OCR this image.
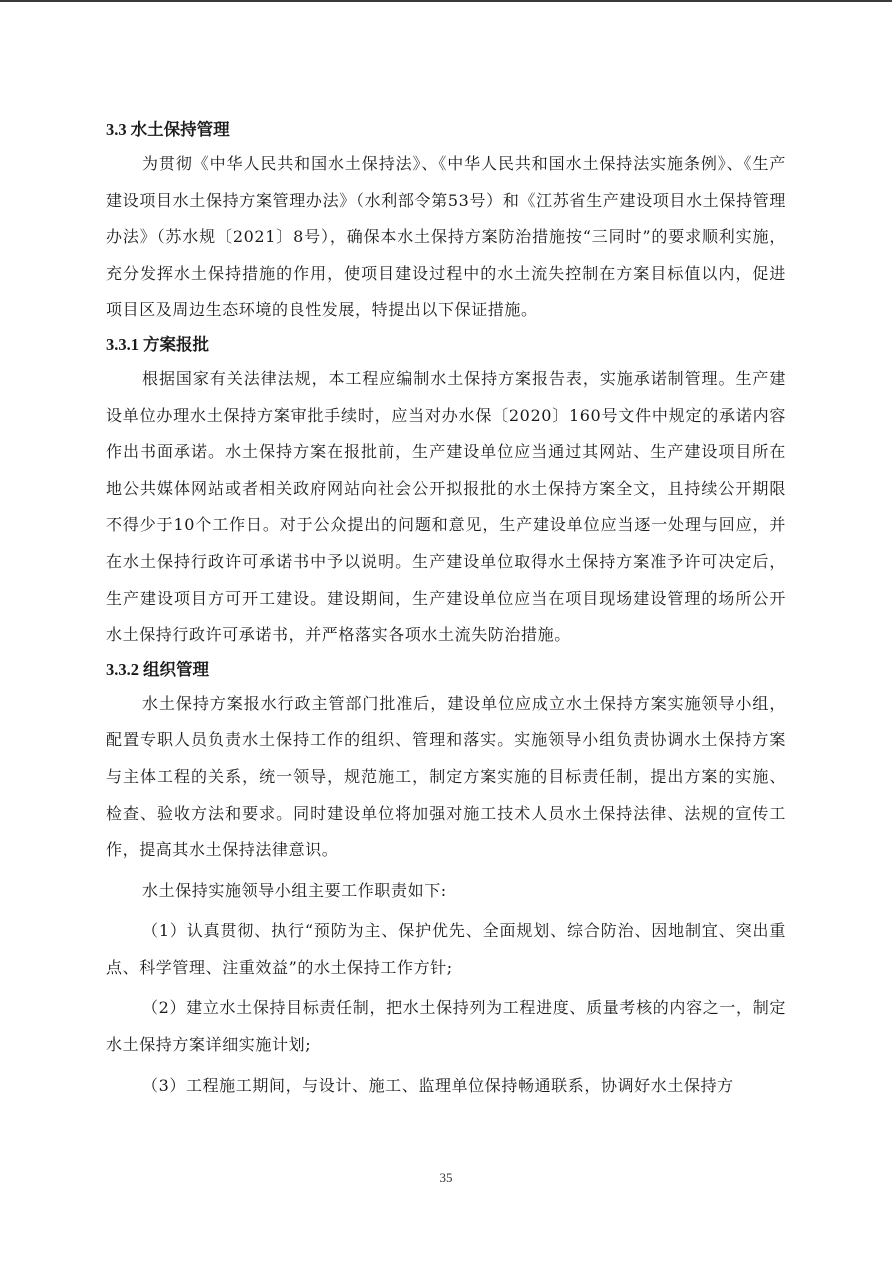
3.3 水土保持管理

为贯彻《中华人民共和国水土保持法》、《中华人民共和国水土保持法实施条例》、《生产建设项目水土保持方案管理办法》（水利部令第53号）和《江苏省生产建设项目水土保持管理办法》（苏水规〔2021〕8号），确保本水土保持方案防治措施按“三同时”的要求顺利实施，充分发挥水土保持措施的作用，使项目建设过程中的水土流失控制在方案目标值以内，促进项目区及周边生态环境的良性发展，特提出以下保证措施。

3.3.1 方案报批

根据国家有关法律法规，本工程应编制水土保持方案报告表，实施承诺制管理。生产建设单位办理水土保持方案审批手续时，应当对办水保〔2020〕160号文件中规定的承诺内容作出书面承诺。水土保持方案在报批前，生产建设单位应当通过其网站、生产建设项目所在地公共媒体网站或者相关政府网站向社会公开拟报批的水土保持方案全文，且持续公开期限不得少于10个工作日。对于公众提出的问题和意见，生产建设单位应当逐一处理与回应，并在水土保持行政许可承诺书中予以说明。生产建设单位取得水土保持方案准予许可决定后，生产建设项目方可开工建设。建设期间，生产建设单位应当在项目现场建设管理的场所公开水土保持行政许可承诺书，并严格落实各项水土流失防治措施。

3.3.2 组织管理

水土保持方案报水行政主管部门批准后，建设单位应成立水土保持方案实施领导小组，配置专职人员负责水土保持工作的组织、管理和落实。实施领导小组负责协调水土保持方案与主体工程的关系，统一领导，规范施工，制定方案实施的目标责任制，提出方案的实施、检查、验收方法和要求。同时建设单位将加强对施工技术人员水土保持法律、法规的宣传工作，提高其水土保持法律意识。

水土保持实施领导小组主要工作职责如下:

（1）认真贯彻、执行“预防为主、保护优先、全面规划、综合防治、因地制宜、突出重点、科学管理、注重效益”的水土保持工作方针;

（2）建立水土保持目标责任制，把水土保持列为工程进度、质量考核的内容之一，制定水土保持方案详细实施计划;

（3）工程施工期间，与设计、施工、监理单位保持畅通联系，协调好水土保持方

35
